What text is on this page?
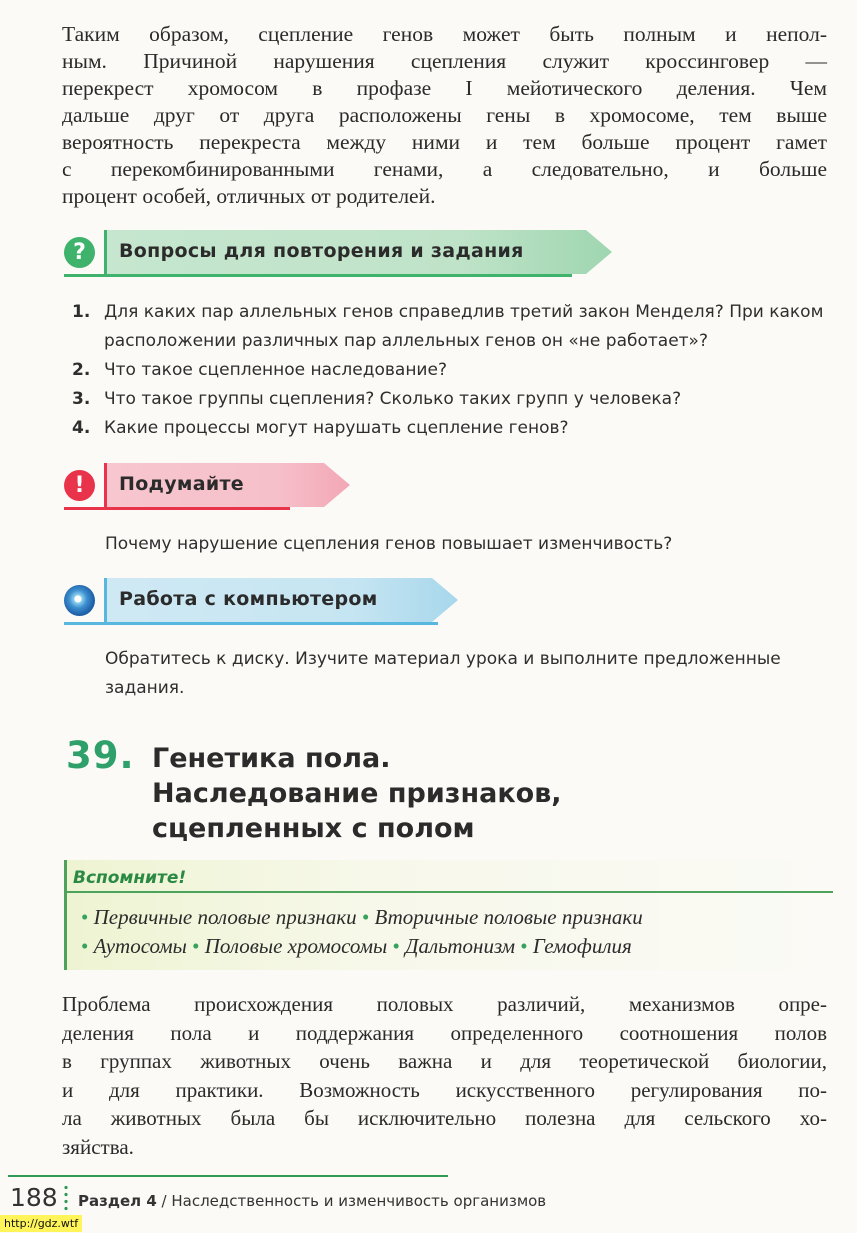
Таким образом, сцепление генов может быть полным и непол-
ным. Причиной нарушения сцепления служит кроссинговер —
перекрест хромосом в профазе I мейотического деления. Чем
дальше друг от друга расположены гены в хромосоме, тем выше
вероятность перекреста между ними и тем больше процент гамет
с перекомбинированными генами, а следовательно, и больше
процент особей, отличных от родителей.
?	Вопросы для повторения и задания
1. Для каких пар аллельных генов справедлив третий закон Менделя? При каком расположении различных пар аллельных генов он «не работает»?
2. Что такое сцепленное наследование?
3. Что такое группы сцепления? Сколько таких групп у человека?
4. Какие процессы могут нарушать сцепление генов?
!	Подумайте
Почему нарушение сцепления генов повышает изменчивость?
Работа с компьютером
Обратитесь к диску. Изучите материал урока и выполните предложенные
задания.
39. Генетика пола.
Наследование признаков,
сцепленных с полом
Вспомните!
• Первичные половые признаки • Вторичные половые признаки
• Аутосомы • Половые хромосомы • Дальтонизм • Гемофилия
Проблема происхождения половых различий, механизмов опре-
деления пола и поддержания определенного соотношения полов
в группах животных очень важна и для теоретической биологии,
и для практики. Возможность искусственного регулирования по-
ла животных была бы исключительно полезна для сельского хо-
зяйства.
188 Раздел 4 / Наследственность и изменчивость организмов
http://gdz.wtf
